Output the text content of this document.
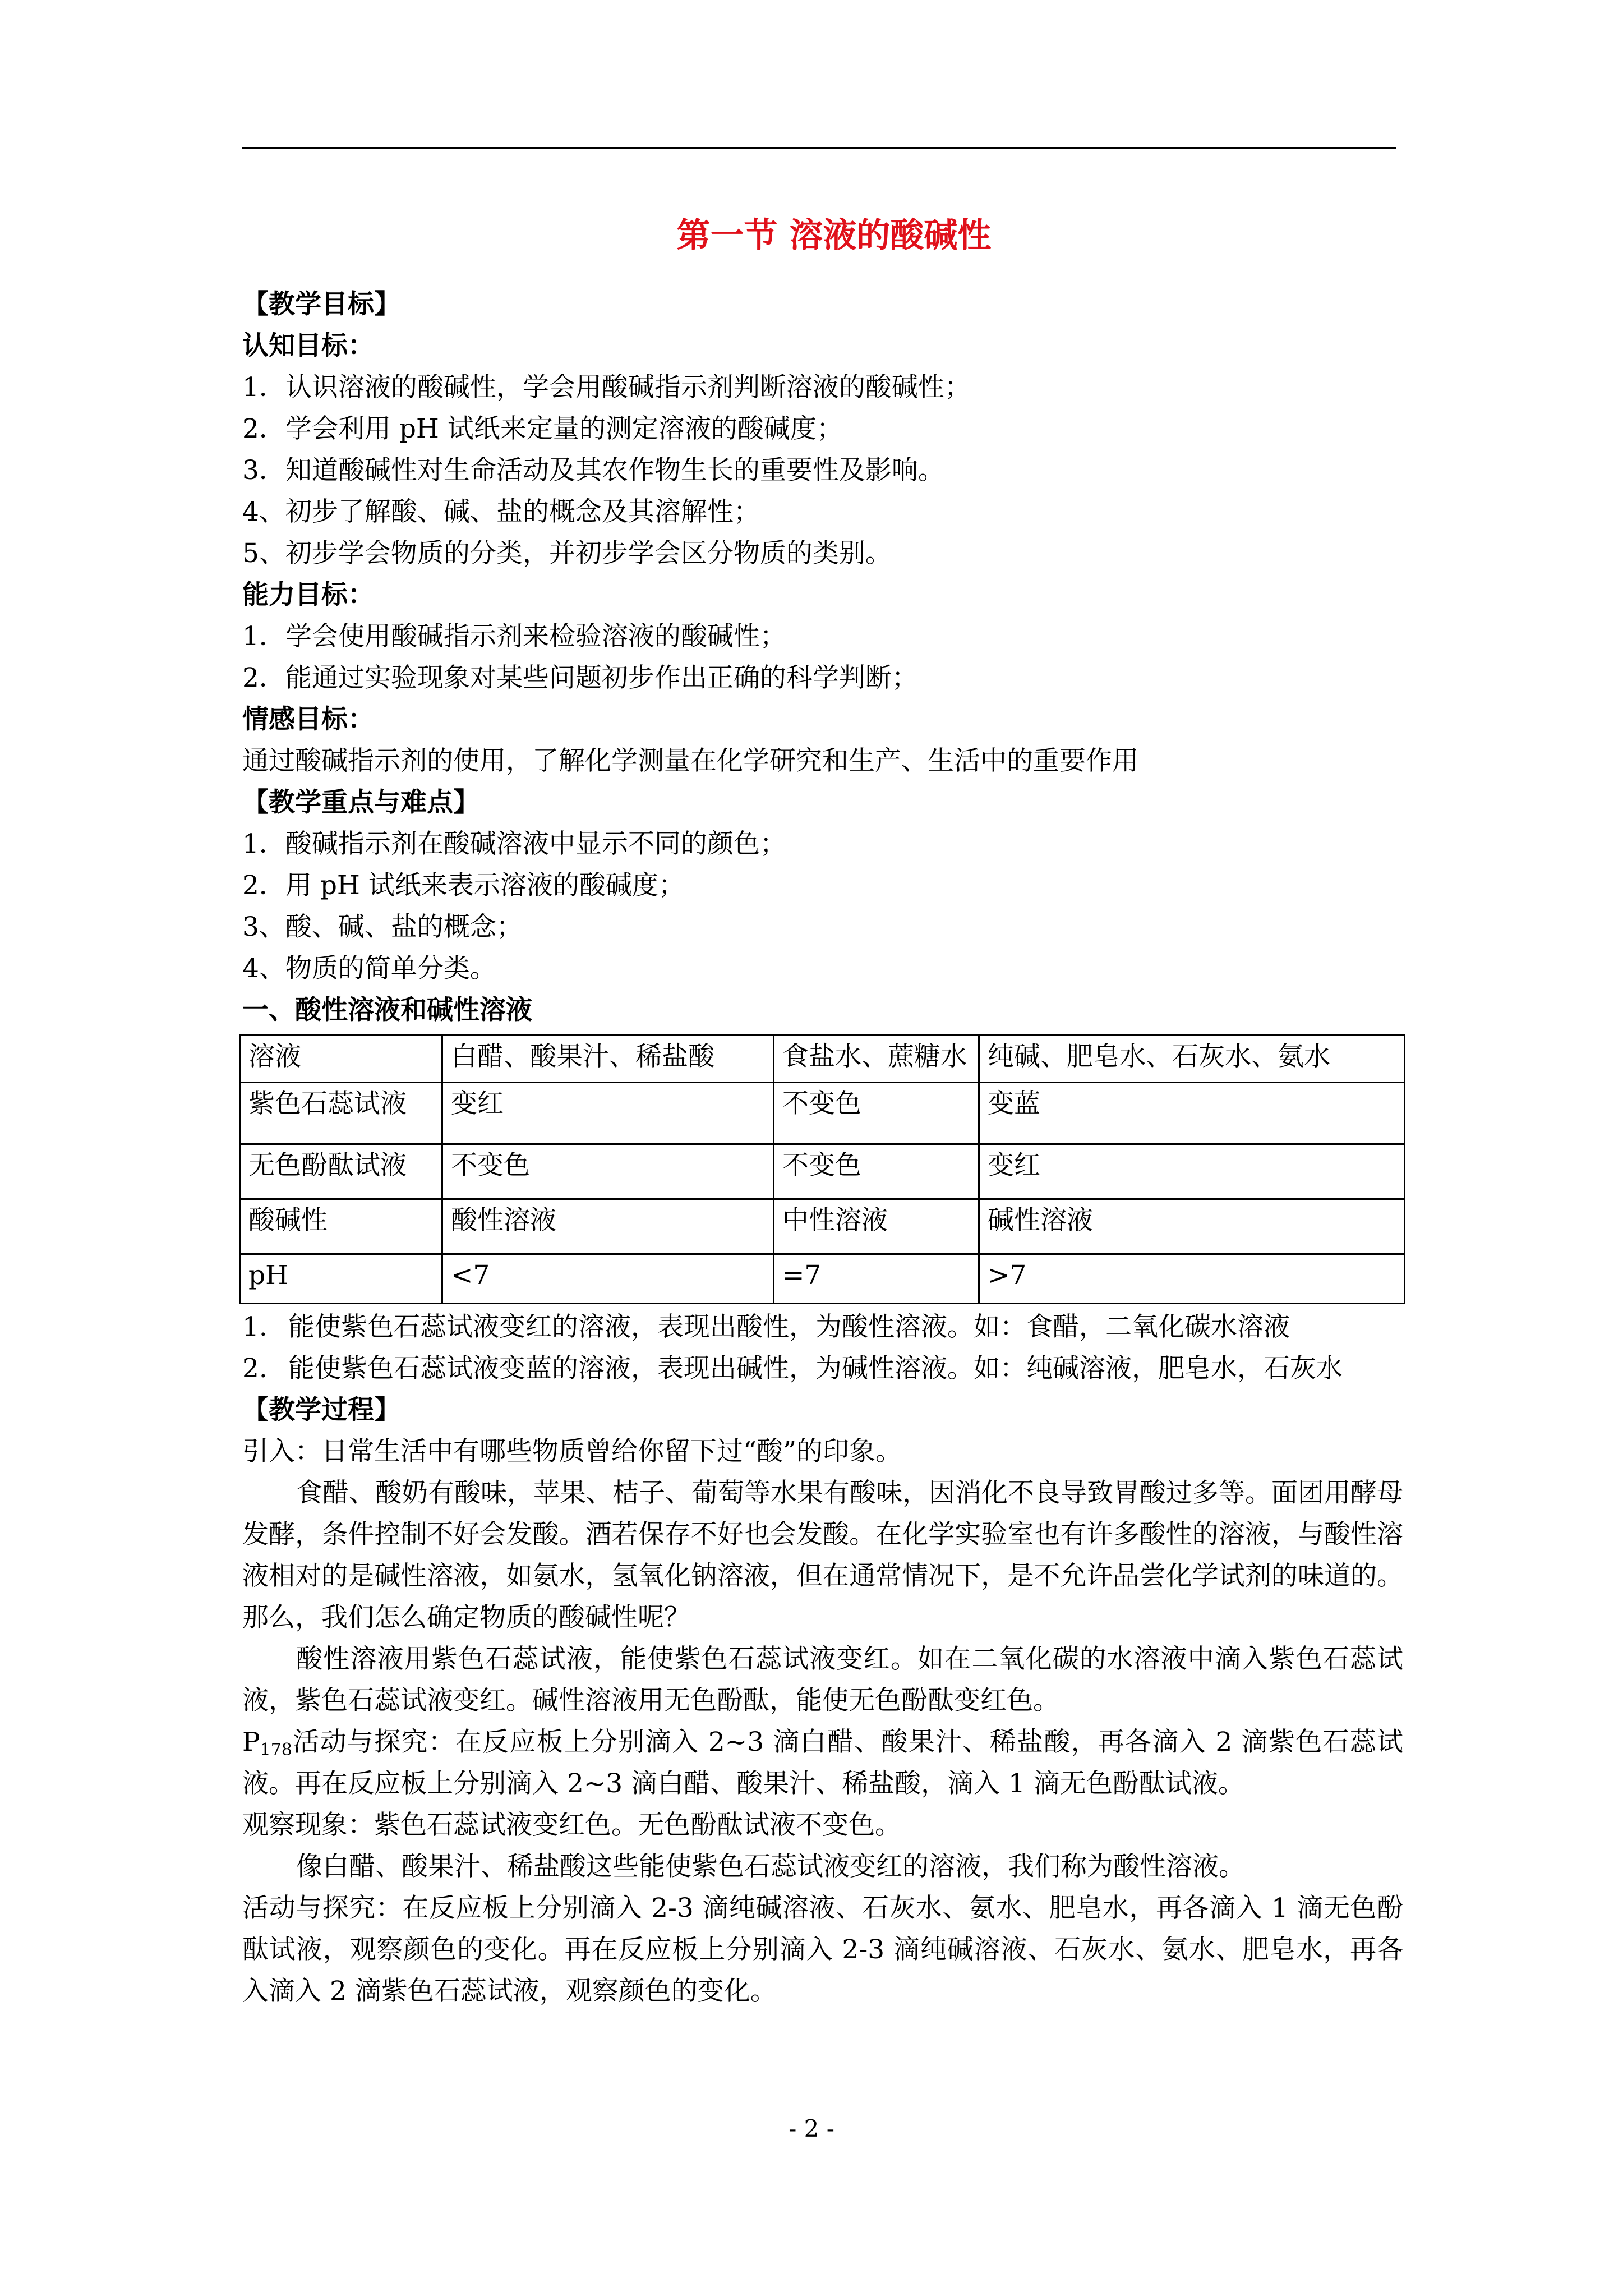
第一节 溶液的酸碱性

【教学目标】

认知目标：

1．认识溶液的酸碱性，学会用酸碱指示剂判断溶液的酸碱性；

2．学会利用 pH 试纸来定量的测定溶液的酸碱度；

3．知道酸碱性对生命活动及其农作物生长的重要性及影响。

4、初步了解酸、碱、盐的概念及其溶解性；

5、初步学会物质的分类，并初步学会区分物质的类别。

能力目标：

1．学会使用酸碱指示剂来检验溶液的酸碱性；

2．能通过实验现象对某些问题初步作出正确的科学判断；

情感目标：

通过酸碱指示剂的使用，了解化学测量在化学研究和生产、生活中的重要作用

【教学重点与难点】

1．酸碱指示剂在酸碱溶液中显示不同的颜色；

2．用 pH 试纸来表示溶液的酸碱度；

3、酸、碱、盐的概念；

4、物质的简单分类。

一、酸性溶液和碱性溶液

溶液	白醋、酸果汁、稀盐酸	食盐水、蔗糖水	纯碱、肥皂水、石灰水、氨水
紫色石蕊试液	变红	不变色	变蓝
无色酚酞试液	不变色	不变色	变红
酸碱性	酸性溶液	中性溶液	碱性溶液
pH	<7	=7	>7
1. 能使紫色石蕊试液变红的溶液，表现出酸性，为酸性溶液。如：食醋，二氧化碳水溶液
2. 能使紫色石蕊试液变蓝的溶液，表现出碱性，为碱性溶液。如：纯碱溶液，肥皂水，石灰水

【教学过程】

引入：日常生活中有哪些物质曾给你留下过“酸”的印象。

食醋、酸奶有酸味，苹果、桔子、葡萄等水果有酸味，因消化不良导致胃酸过多等。面团用酵母发酵，条件控制不好会发酸。酒若保存不好也会发酸。在化学实验室也有许多酸性的溶液，与酸性溶液相对的是碱性溶液，如氨水，氢氧化钠溶液，但在通常情况下，是不允许品尝化学试剂的味道的。那么，我们怎么确定物质的酸碱性呢？

酸性溶液用紫色石蕊试液，能使紫色石蕊试液变红。如在二氧化碳的水溶液中滴入紫色石蕊试液，紫色石蕊试液变红。碱性溶液用无色酚酞，能使无色酚酞变红色。

$P_{178}$活动与探究：在反应板上分别滴入 2~3 滴白醋、酸果汁、稀盐酸，再各滴入 2 滴紫色石蕊试液。再在反应板上分别滴入 2~3 滴白醋、酸果汁、稀盐酸，滴入 1 滴无色酚酞试液。

观察现象：紫色石蕊试液变红色。无色酚酞试液不变色。

像白醋、酸果汁、稀盐酸这些能使紫色石蕊试液变红的溶液，我们称为酸性溶液。

活动与探究：在反应板上分别滴入 2-3 滴纯碱溶液、石灰水、氨水、肥皂水，再各滴入 1 滴无色酚酞试液，观察颜色的变化。再在反应板上分别滴入 2-3 滴纯碱溶液、石灰水、氨水、肥皂水，再各入滴入 2 滴紫色石蕊试液，观察颜色的变化。

- 2 -
